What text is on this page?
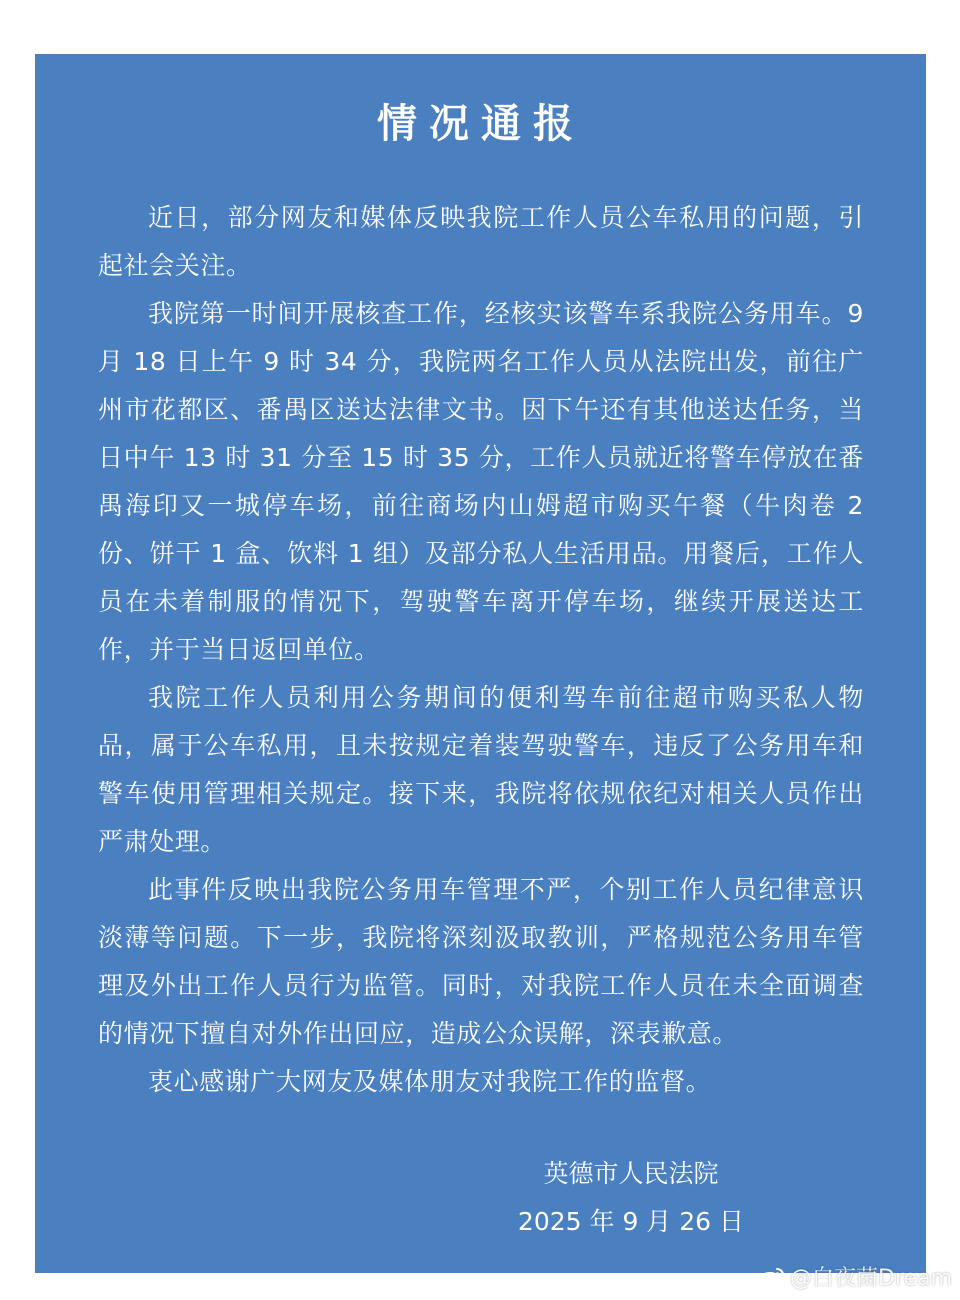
情况通报

近日，部分网友和媒体反映我院工作人员公车私用的问题，引起社会关注。

我院第一时间开展核查工作，经核实该警车系我院公务用车。9 月 18 日上午 9 时 34 分，我院两名工作人员从法院出发，前往广州市花都区、番禺区送达法律文书。因下午还有其他送达任务，当日中午 13 时 31 分至 15 时 35 分，工作人员就近将警车停放在番禺海印又一城停车场，前往商场内山姆超市购买午餐（牛肉卷 2 份、饼干 1 盒、饮料 1 组）及部分私人生活用品。用餐后，工作人员在未着制服的情况下，驾驶警车离开停车场，继续开展送达工作，并于当日返回单位。

我院工作人员利用公务期间的便利驾车前往超市购买私人物品，属于公车私用，且未按规定着装驾驶警车，违反了公务用车和警车使用管理相关规定。接下来，我院将依规依纪对相关人员作出严肃处理。

此事件反映出我院公务用车管理不严，个别工作人员纪律意识淡薄等问题。下一步，我院将深刻汲取教训，严格规范公务用车管理及外出工作人员行为监管。同时，对我院工作人员在未全面调查的情况下擅自对外作出回应，造成公众误解，深表歉意。

衷心感谢广大网友及媒体朋友对我院工作的监督。

英德市人民法院
2025 年 9 月 26 日
@白夜菌Dream
